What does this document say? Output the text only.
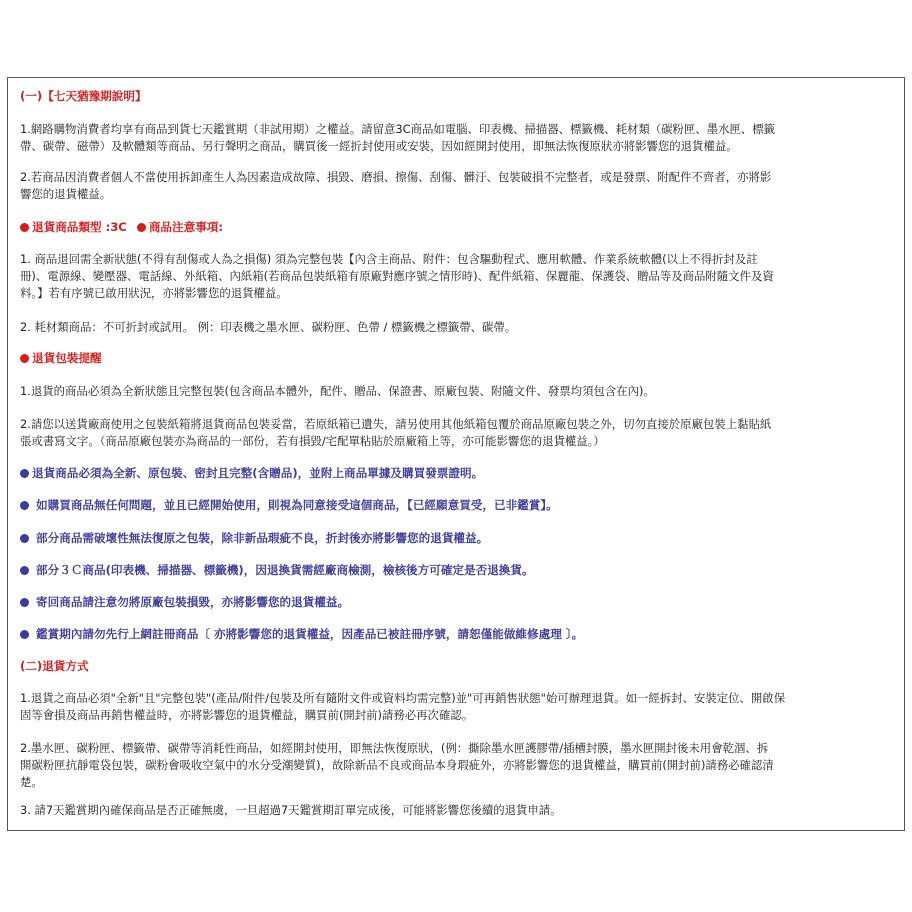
(一)【七天猶豫期說明】
1.網路購物消費者均享有商品到貨七天鑑賞期（非試用期）之權益。請留意3C商品如電腦、印表機、掃描器、標籤機、耗材類（碳粉匣、墨水匣、標籤
帶、碳帶、磁帶）及軟體類等商品、另行聲明之商品，購買後一經折封使用或安裝，因如經開封使用，即無法恢復原狀亦將影響您的退貨權益。
2.若商品因消費者個人不當使用拆卸產生人為因素造成故障、損毀、磨損、擦傷、刮傷、髒汙、包裝破損不完整者，或是發票、附配件不齊者，亦將影
響您的退貨權益。
退貨商品類型 :3C 商品注意事項:
1. 商品退回需全新狀態(不得有刮傷或人為之損傷) 須為完整包裝【內含主商品、附件：包含驅動程式、應用軟體、作業系統軟體(以上不得折封及註
冊)、電源線、變壓器、電話線、外紙箱、內紙箱(若商品包裝紙箱有原廠對應序號之情形時)、配件紙箱、保麗龍、保護袋、贈品等及商品附隨文件及資
料。】若有序號已啟用狀況，亦將影響您的退貨權益。
2. 耗材類商品：不可折封或試用。 例：印表機之墨水匣、碳粉匣、色帶 / 標籤機之標籤帶、碳帶。
退貨包裝提醒
1.退貨的商品必須為全新狀態且完整包裝(包含商品本體外，配件、贈品、保證書、原廠包裝、附隨文件、發票均須包含在內)。
2.請您以送貨廠商使用之包裝紙箱將退貨商品包裝妥當，若原紙箱已遺失，請另使用其他紙箱包覆於商品原廠包裝之外，切勿直接於原廠包裝上黏貼紙
張或書寫文字。（商品原廠包裝亦為商品的一部份，若有損毀/宅配單粘貼於原廠箱上等，亦可能影響您的退貨權益。）
退貨商品必須為全新、原包裝、密封且完整(含贈品)，並附上商品單據及購買發票證明。
如購買商品無任何問題，並且已經開始使用，則視為同意接受這個商品，【已經願意買受，已非鑑賞】。
部分商品需破壞性無法復原之包裝，除非新品瑕疵不良，折封後亦將影響您的退貨權益。
部分３Ｃ商品(印表機、掃描器、標籤機)，因退換貨需經廠商檢測，檢核後方可確定是否退換貨。
寄回商品請注意勿將原廠包裝損毀，亦將影響您的退貨權益。
鑑賞期內請勿先行上網註冊商品〔 亦將影響您的退貨權益，因產品已被註冊序號，請恕僅能做維修處理 〕。
(二)退貨方式
1.退貨之商品必須"全新"且"完整包裝"(產品/附件/包裝及所有隨附文件或資料均需完整)並"可再銷售狀態"始可辦理退貨。如一經拆封、安裝定位、開啟保
固等會損及商品再銷售權益時，亦將影響您的退貨權益，購買前(開封前)請務必再次確認。
2.墨水匣、碳粉匣、標籤帶、碳帶等消耗性商品，如經開封使用，即無法恢復原狀，(例：撕除墨水匣護膠帶/插槽封膜，墨水匣開封後未用會乾涸、拆
開碳粉匣抗靜電袋包裝，碳粉會吸收空氣中的水分受潮變質)，故除新品不良或商品本身瑕疵外，亦將影響您的退貨權益，購買前(開封前)請務必確認清
楚。
3. 請7天鑑賞期內確保商品是否正確無虞，一旦超過7天鑑賞期訂單完成後，可能將影響您後續的退貨申請。
